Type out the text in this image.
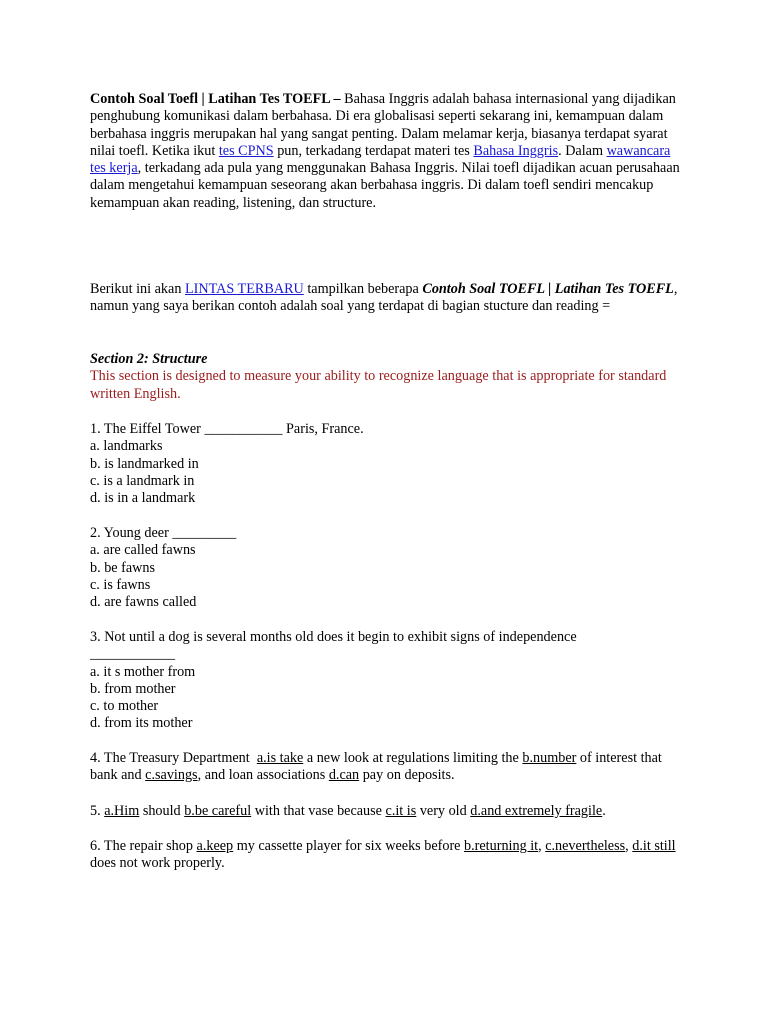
Contoh Soal Toefl | Latihan Tes TOEFL – Bahasa Inggris adalah bahasa internasional yang dijadikan penghubung komunikasi dalam berbahasa. Di era globalisasi seperti sekarang ini, kemampuan dalam berbahasa inggris merupakan hal yang sangat penting. Dalam melamar kerja, biasanya terdapat syarat nilai toefl. Ketika ikut tes CPNS pun, terkadang terdapat materi tes Bahasa Inggris. Dalam wawancara tes kerja, terkadang ada pula yang menggunakan Bahasa Inggris. Nilai toefl dijadikan acuan perusahaan dalam mengetahui kemampuan seseorang akan berbahasa inggris. Di dalam toefl sendiri mencakup kemampuan akan reading, listening, dan structure.

Berikut ini akan LINTAS TERBARU tampilkan beberapa Contoh Soal TOEFL | Latihan Tes TOEFL, namun yang saya berikan contoh adalah soal yang terdapat di bagian stucture dan reading =

Section 2: Structure
This section is designed to measure your ability to recognize language that is appropriate for standard written English.

1. The Eiffel Tower ___________ Paris, France.
a. landmarks
b. is landmarked in
c. is a landmark in
d. is in a landmark

2. Young deer _________
a. are called fawns
b. be fawns
c. is fawns
d. are fawns called

3. Not until a dog is several months old does it begin to exhibit signs of independence
____________
a. it s mother from
b. from mother
c. to mother
d. from its mother

4. The Treasury Department  a.is take a new look at regulations limiting the b.number of interest that bank and c.savings, and loan associations d.can pay on deposits.

5. a.Him should b.be careful with that vase because c.it is very old d.and extremely fragile.

6. The repair shop a.keep my cassette player for six weeks before b.returning it, c.nevertheless, d.it still does not work properly.
